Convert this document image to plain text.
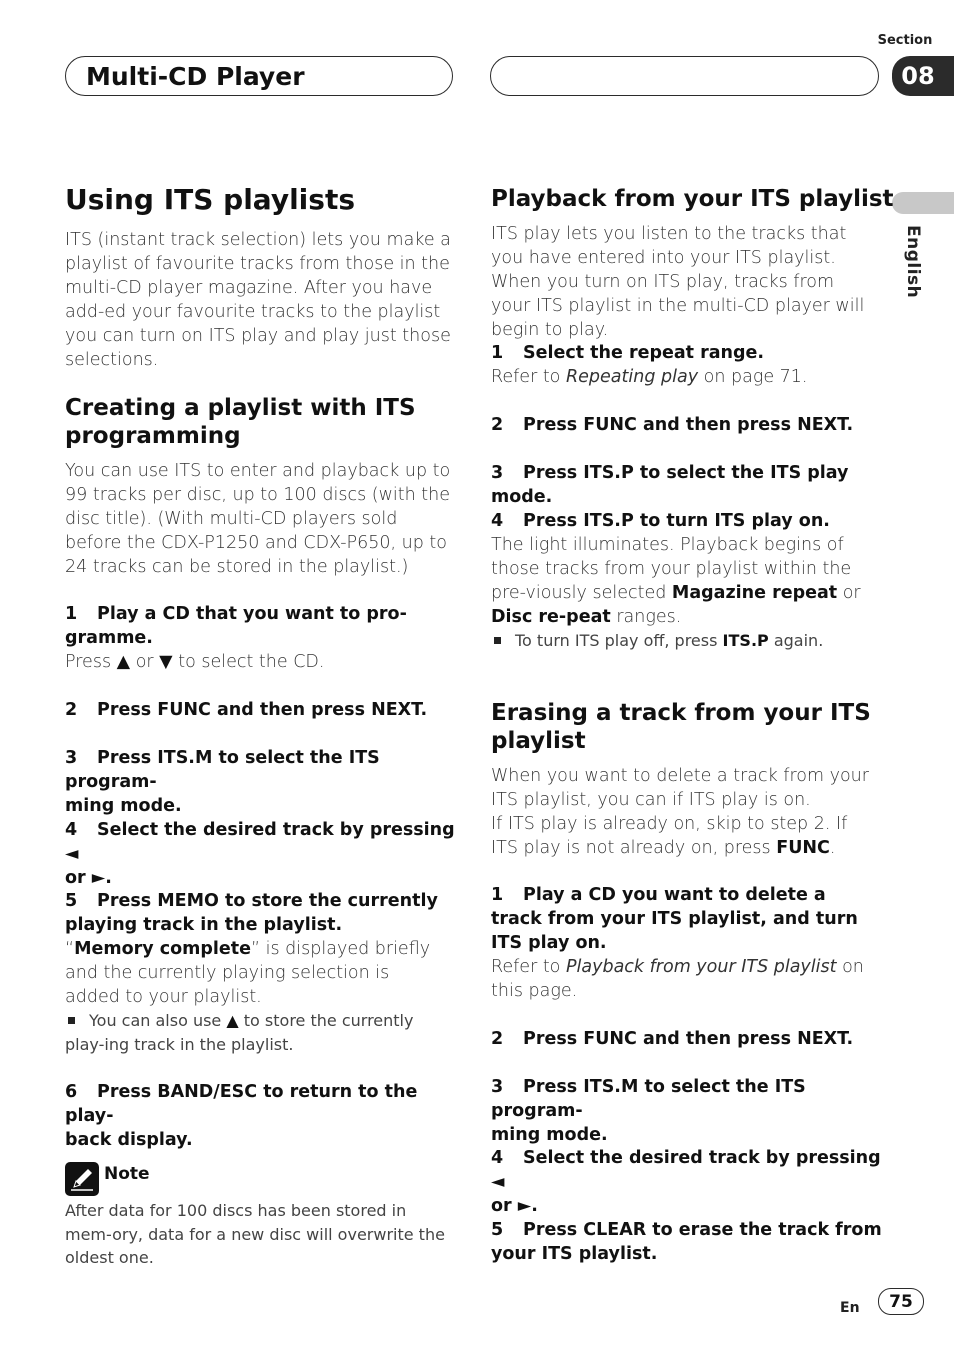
Section
08
Multi-CD Player
English
Using ITS playlists
ITS (instant track selection) lets you make a playlist of favourite tracks from those in the multi-CD player magazine. After you have add-ed your favourite tracks to the playlist you can turn on ITS play and play just those selections.
Creating a playlist with ITS programming
You can use ITS to enter and playback up to 99 tracks per disc, up to 100 discs (with the disc title). (With multi-CD players sold before the CDX-P1250 and CDX-P650, up to 24 tracks can be stored in the playlist.)
1 Play a CD that you want to pro-
gramme.
Press ▲ or ▼ to select the CD.
2 Press FUNC and then press NEXT.
3 Press ITS.M to select the ITS program-
ming mode.
4 Select the desired track by pressing ◄
or ►.
5 Press MEMO to store the currently
playing track in the playlist.
“Memory complete” is displayed briefly and the currently playing selection is added to your playlist.
You can also use ▲ to store the currently play-ing track in the playlist.
6 Press BAND/ESC to return to the play-
back display.
Note
After data for 100 discs has been stored in mem-ory, data for a new disc will overwrite the oldest one.
Playback from your ITS playlist
ITS play lets you listen to the tracks that you have entered into your ITS playlist. When you turn on ITS play, tracks from your ITS playlist in the multi-CD player will begin to play.
1 Select the repeat range.
Refer to Repeating play on page 71.
2 Press FUNC and then press NEXT.
3 Press ITS.P to select the ITS play mode.
4 Press ITS.P to turn ITS play on.
The light illuminates. Playback begins of those tracks from your playlist within the pre-viously selected Magazine repeat or Disc re-peat ranges.
To turn ITS play off, press ITS.P again.
Erasing a track from your ITS playlist
When you want to delete a track from your ITS playlist, you can if ITS play is on.
If ITS play is already on, skip to step 2. If ITS play is not already on, press FUNC.
1 Play a CD you want to delete a track from your ITS playlist, and turn ITS play on.
Refer to Playback from your ITS playlist on this page.
2 Press FUNC and then press NEXT.
3 Press ITS.M to select the ITS program-
ming mode.
4 Select the desired track by pressing ◄
or ►.
5 Press CLEAR to erase the track from
your ITS playlist.
En	75
